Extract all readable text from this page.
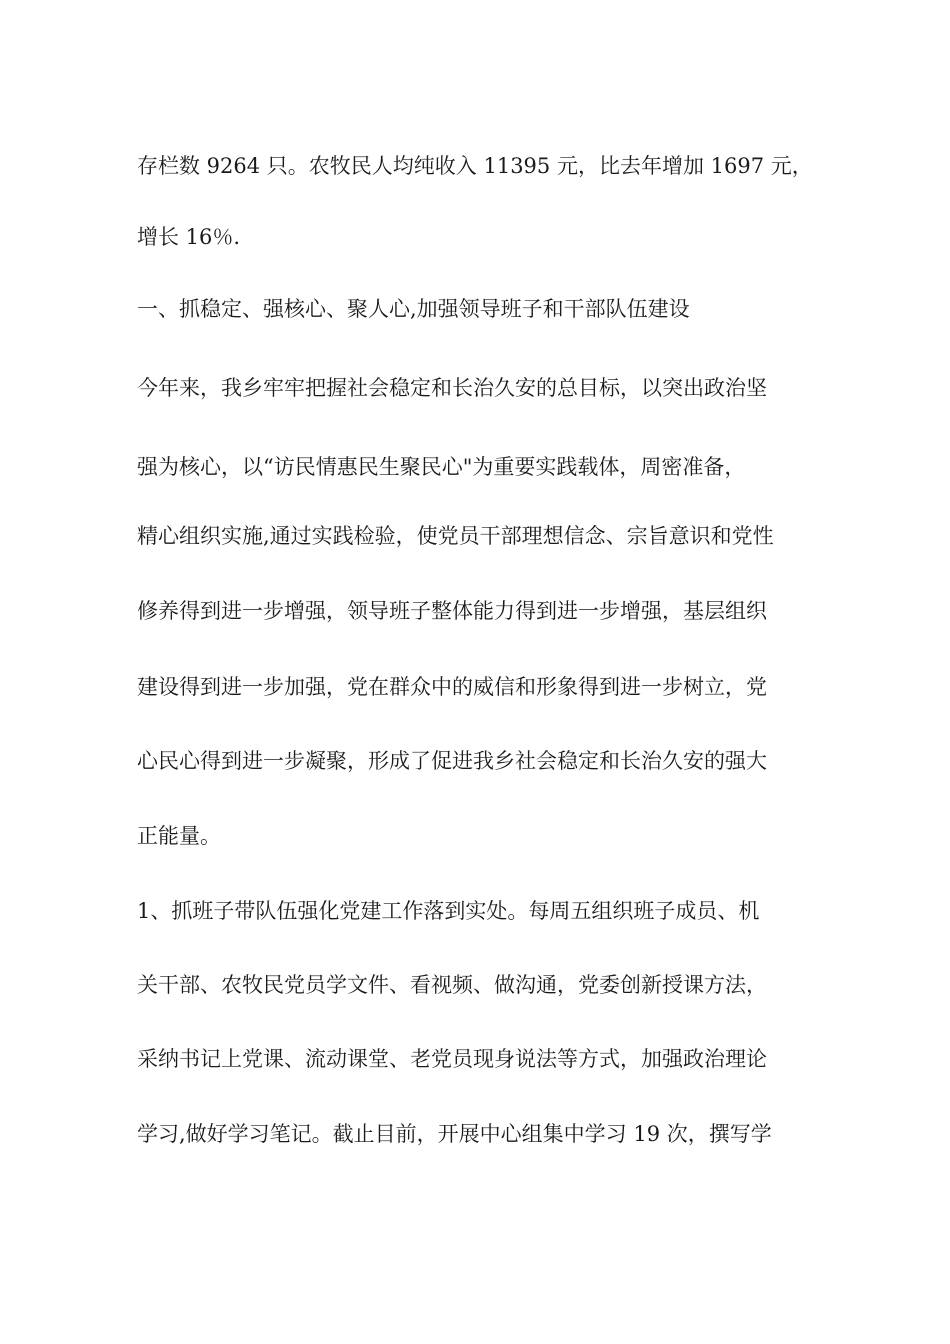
存栏数 9264 只。农牧民人均纯收入 11395 元，比去年增加 1697 元，
增长 16％.
一、抓稳定、强核心、聚人心,加强领导班子和干部队伍建设
今年来，我乡牢牢把握社会稳定和长治久安的总目标，以突出政治坚
强为核心，以“访民情惠民生聚民心"为重要实践载体，周密准备，
精心组织实施,通过实践检验，使党员干部理想信念、宗旨意识和党性
修养得到进一步增强，领导班子整体能力得到进一步增强，基层组织
建设得到进一步加强，党在群众中的威信和形象得到进一步树立，党
心民心得到进一步凝聚，形成了促进我乡社会稳定和长治久安的强大
正能量。
1、抓班子带队伍强化党建工作落到实处。每周五组织班子成员、机
关干部、农牧民党员学文件、看视频、做沟通，党委创新授课方法，
采纳书记上党课、流动课堂、老党员现身说法等方式，加强政治理论
学习,做好学习笔记。截止目前，开展中心组集中学习 19 次，撰写学
